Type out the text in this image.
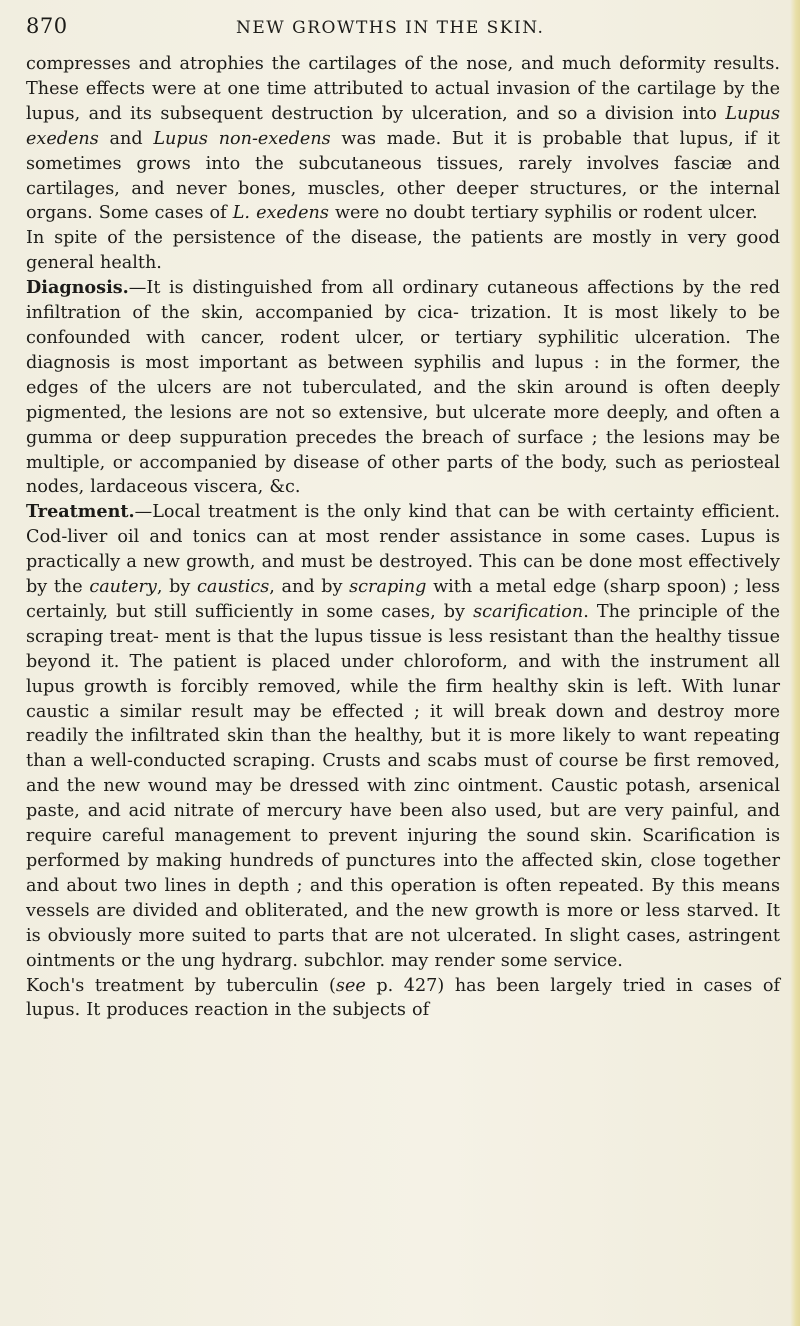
870	NEW GROWTHS IN THE SKIN.

compresses and atrophies the cartilages of the nose, and much deformity results. These effects were at one time attributed to actual invasion of the cartilage by the lupus, and its subsequent destruction by ulceration, and so a division into Lupus exedens and Lupus non-exedens was made. But it is probable that lupus, if it sometimes grows into the subcutaneous tissues, rarely involves fasciæ and cartilages, and never bones, muscles, other deeper structures, or the internal organs. Some cases of L. exedens were no doubt tertiary syphilis or rodent ulcer.

In spite of the persistence of the disease, the patients are mostly in very good general health.

Diagnosis.—It is distinguished from all ordinary cutaneous affections by the red infiltration of the skin, accompanied by cica- trization. It is most likely to be confounded with cancer, rodent ulcer, or tertiary syphilitic ulceration. The diagnosis is most important as between syphilis and lupus : in the former, the edges of the ulcers are not tuberculated, and the skin around is often deeply pigmented, the lesions are not so extensive, but ulcerate more deeply, and often a gumma or deep suppuration precedes the breach of surface ; the lesions may be multiple, or accompanied by disease of other parts of the body, such as periosteal nodes, lardaceous viscera, &c.

Treatment.—Local treatment is the only kind that can be with certainty efficient. Cod-liver oil and tonics can at most render assistance in some cases. Lupus is practically a new growth, and must be destroyed. This can be done most effectively by the cautery, by caustics, and by scraping with a metal edge (sharp spoon) ; less certainly, but still sufficiently in some cases, by scarification. The principle of the scraping treat- ment is that the lupus tissue is less resistant than the healthy tissue beyond it. The patient is placed under chloroform, and with the instrument all lupus growth is forcibly removed, while the firm healthy skin is left. With lunar caustic a similar result may be effected ; it will break down and destroy more readily the infiltrated skin than the healthy, but it is more likely to want repeating than a well-conducted scraping. Crusts and scabs must of course be first removed, and the new wound may be dressed with zinc ointment. Caustic potash, arsenical paste, and acid nitrate of mercury have been also used, but are very painful, and require careful management to prevent injuring the sound skin. Scarification is performed by making hundreds of punctures into the affected skin, close together and about two lines in depth ; and this operation is often repeated. By this means vessels are divided and obliterated, and the new growth is more or less starved. It is obviously more suited to parts that are not ulcerated. In slight cases, astringent ointments or the ung hydrarg. subchlor. may render some service.

Koch's treatment by tuberculin (see p. 427) has been largely tried in cases of lupus. It produces reaction in the subjects of
